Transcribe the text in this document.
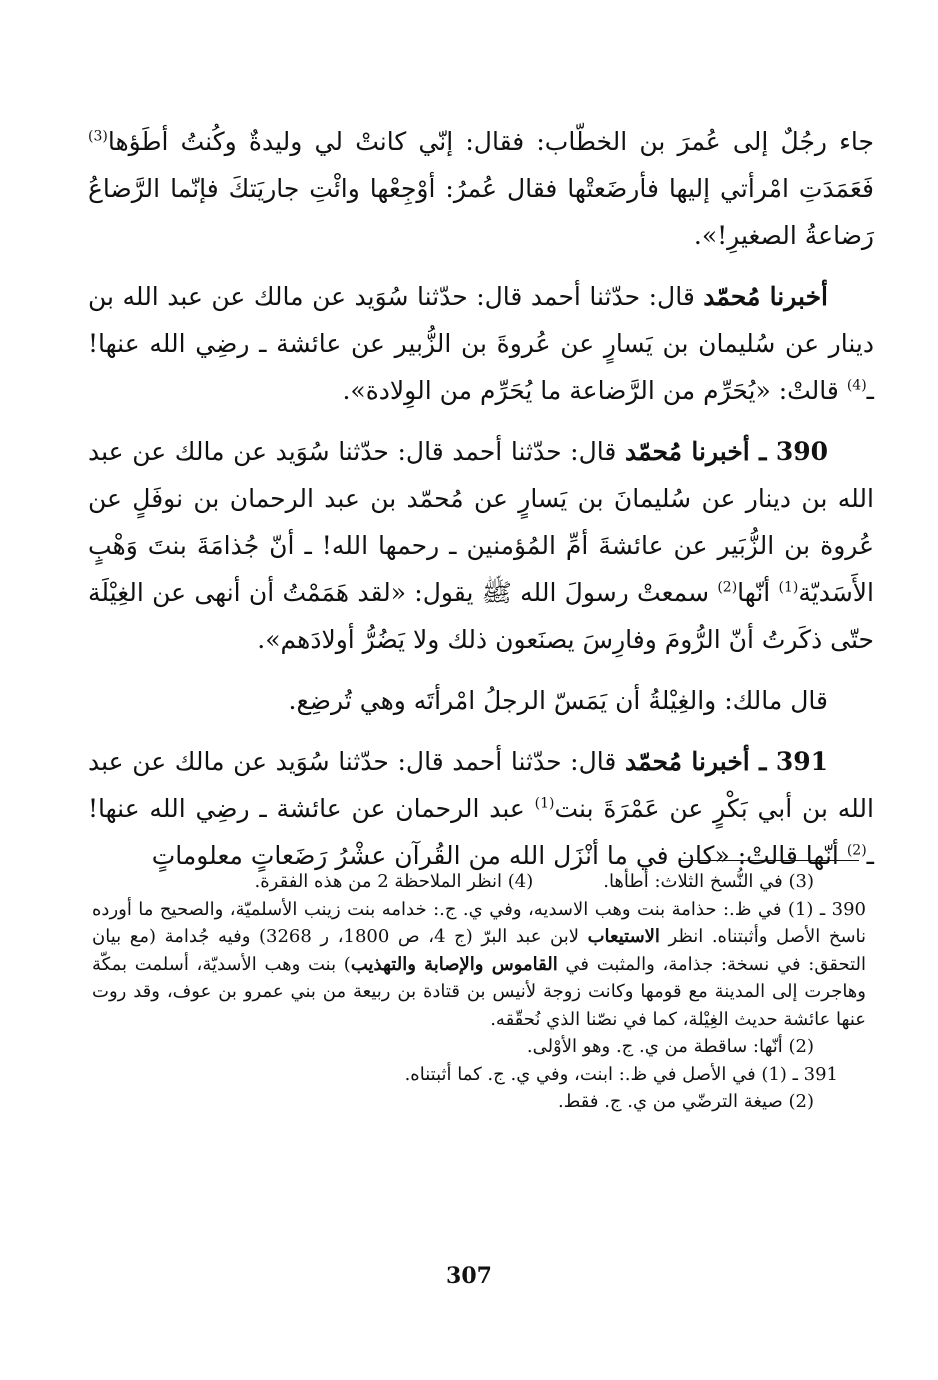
جاء رجُلٌ إلى عُمرَ بن الخطّاب: فقال: إنّي كانتْ لي وليدةٌ وكُنتُ أطَؤها$^{(3)}$ فَعَمَدَتِ امْرأتي إليها فأرضَعتْها فقال عُمرُ: أوْجِعْها وائْتِ جاريَتكَ فإنّما الرَّضاعُ رَضاعةُ الصغيرِ!».

أخبرنا مُحمّد قال: حدّثنا أحمد قال: حدّثنا سُوَيد عن مالك عن عبد الله بن دينار عن سُليمان بن يَسارٍ عن عُروةَ بن الزُّبير عن عائشة ـ رضِي الله عنها! ـ$^{(4)}$ قالتْ: «يُحَرِّم من الرَّضاعة ما يُحَرِّم من الوِلادة».

390 ـ أخبرنا مُحمّد قال: حدّثنا أحمد قال: حدّثنا سُوَيد عن مالك عن عبد الله بن دينار عن سُليمانَ بن يَسارٍ عن مُحمّد بن عبد الرحمان بن نوفَلٍ عن عُروة بن الزُّبَير عن عائشةَ أمِّ المُؤمنين ـ رحمها الله! ـ أنّ جُذامَةَ بنتَ وَهْبٍ الأَسَديّة$^{(1)}$ أنّها$^{(2)}$ سمعتْ رسولَ الله ﷺ يقول: «لقد هَمَمْتُ أن أنهى عن الغِيْلَة حتّى ذكَرتُ أنّ الرُّومَ وفارِسَ يصنَعون ذلك ولا يَضُرُّ أولادَهم».

قال مالك: والغِيْلةُ أن يَمَسّ الرجلُ امْرأتَه وهي تُرضِع.

391 ـ أخبرنا مُحمّد قال: حدّثنا أحمد قال: حدّثنا سُوَيد عن مالك عن عبد الله بن أبي بَكْرٍ عن عَمْرَةَ بنت$^{(1)}$ عبد الرحمان عن عائشة ـ رضِي الله عنها! ـ$^{(2)}$ أنّها قالتْ: «كان في ما أنْزَل الله من القُرآن عشْرُ رَضَعاتٍ معلوماتٍ

(3) في النُّسخ الثلاث: أطأها.
(4) انظر الملاحظة 2 من هذه الفقرة.
390 ـ (1) في ظ.: حذامة بنت وهب الاسديه، وفي ي. ج.: خدامه بنت زينب الأسلميّة، والصحيح ما أورده ناسخ الأصل وأثبتناه. انظر الاستيعاب لابن عبد البرّ (ج 4، ص 1800، ر 3268) وفيه جُدامة (مع بيان التحقق: في نسخة: جذامة، والمثبت في القاموس والإصابة والتهذيب) بنت وهب الأسديّة، أسلمت بمكّة وهاجرت إلى المدينة مع قومها وكانت زوجة لأنيس بن قتادة بن ربيعة من بني عمرو بن عوف، وقد روت عنها عائشة حديث الغِيْلة، كما في نصّنا الذي نُحقّقه.
(2) أنّها: ساقطة من ي. ج. وهو الأوْلى.
391 ـ (1) في الأصل في ظ.: ابنت، وفي ي. ج. كما أثبتناه.
(2) صيغة الترضّي من ي. ج. فقط.
307
